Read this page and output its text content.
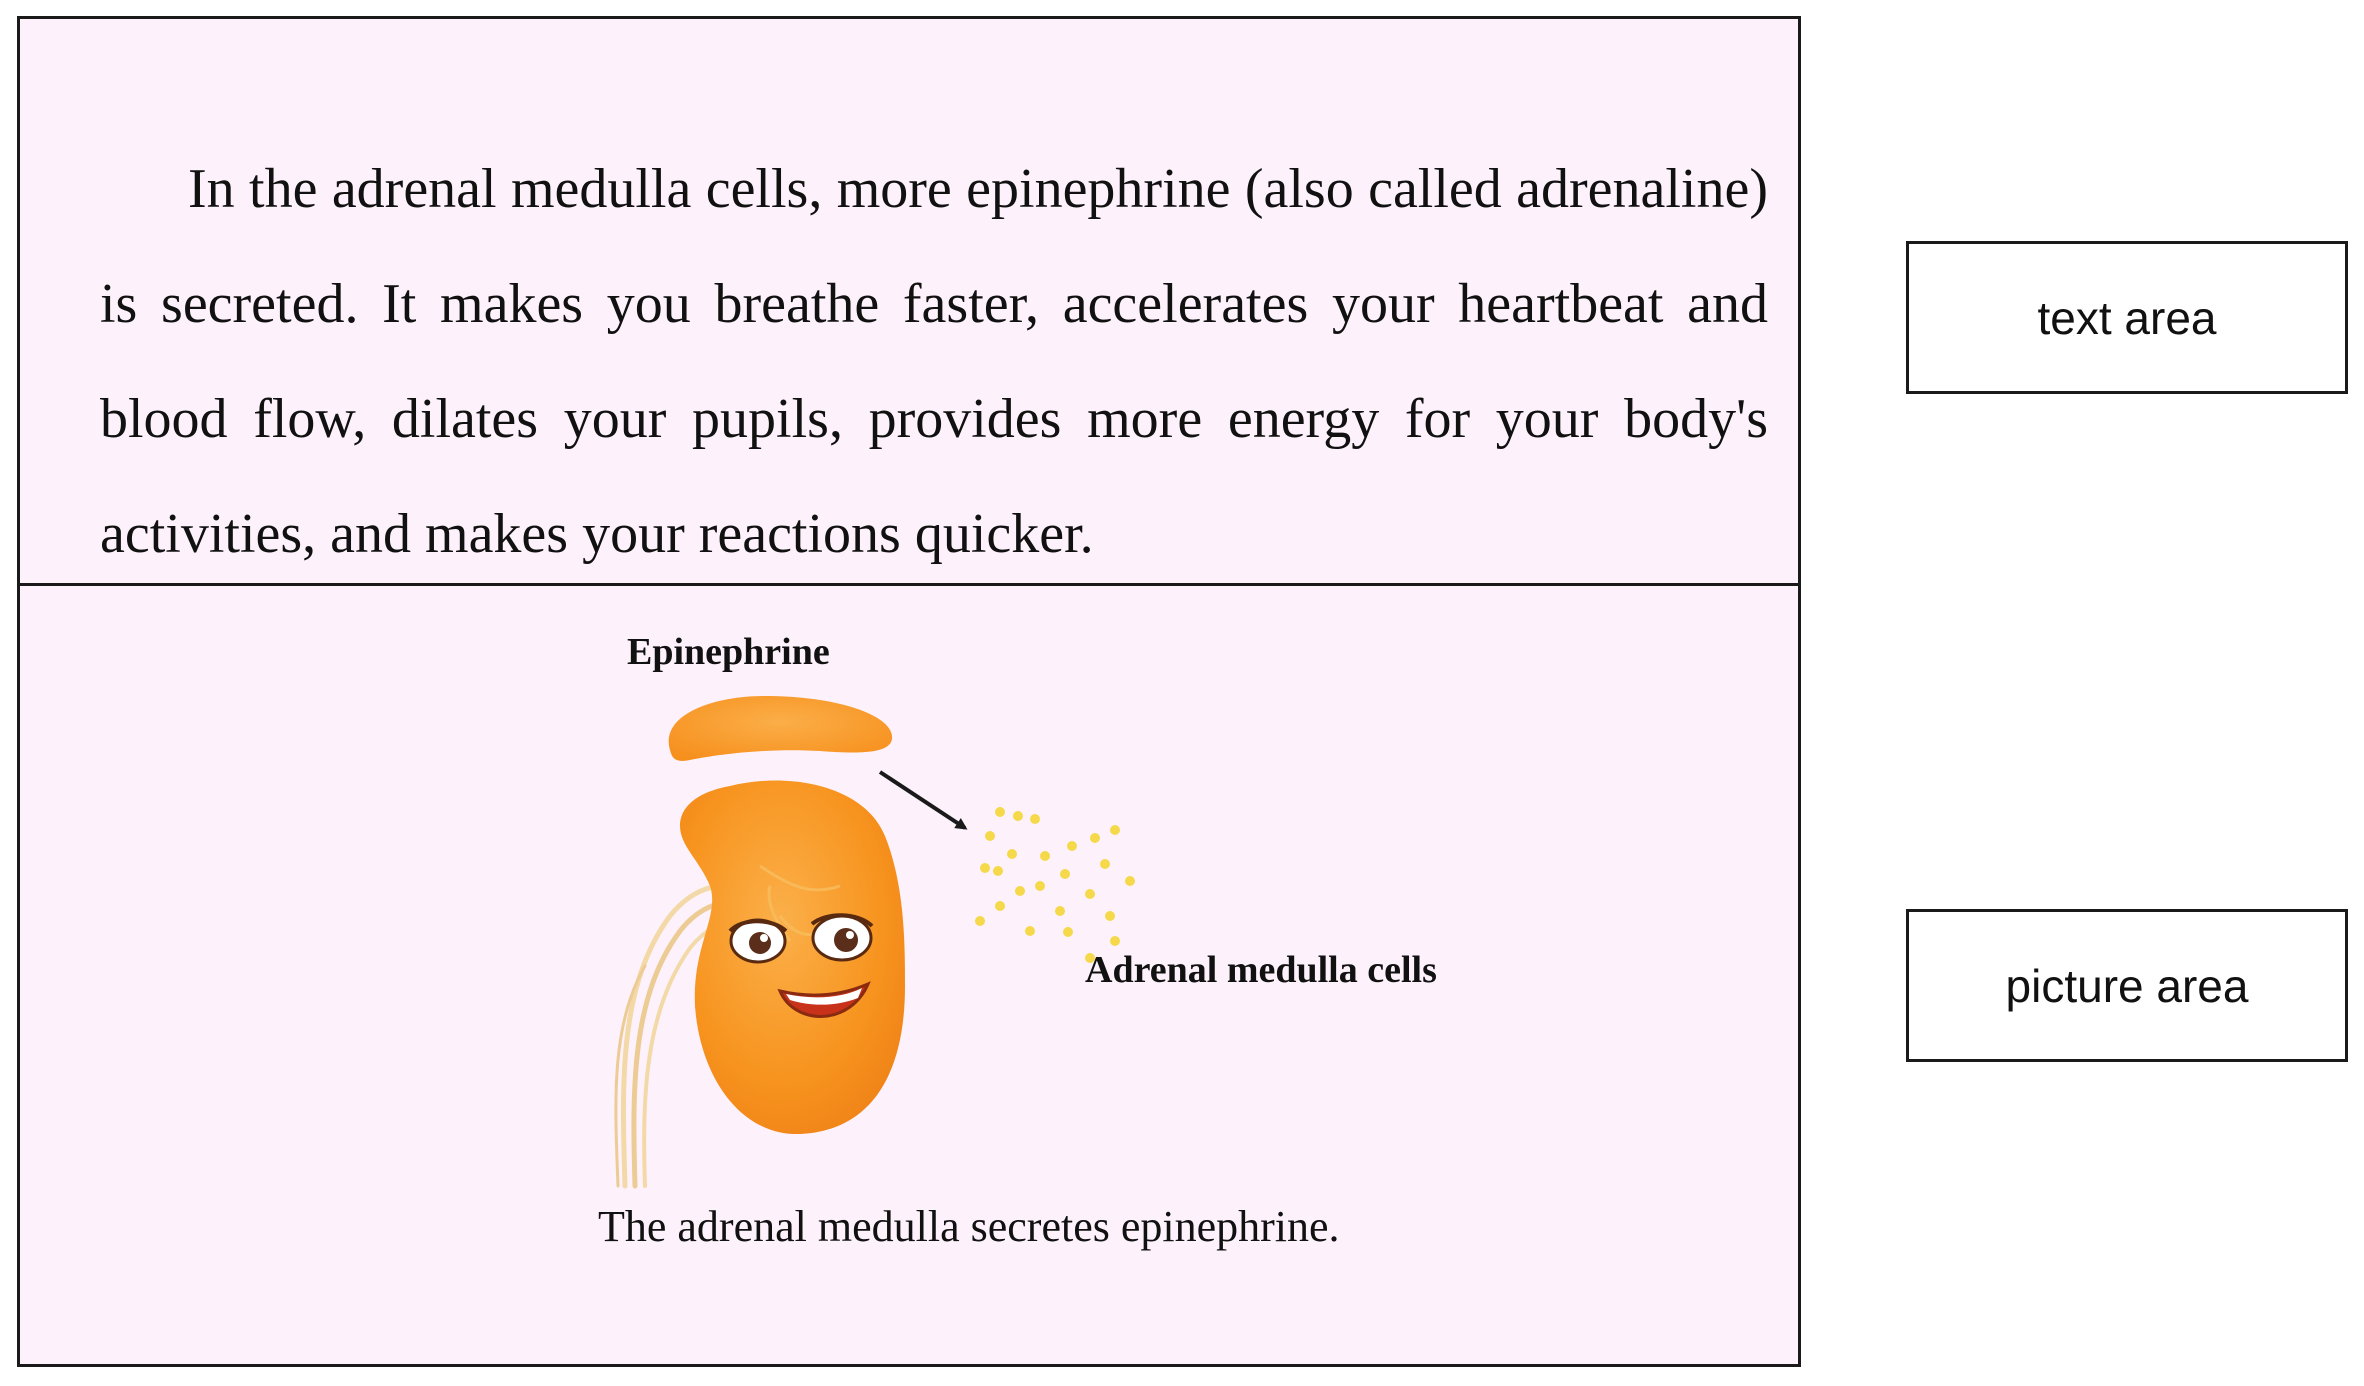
In the adrenal medulla cells, more epinephrine (also called adrenaline) is secreted. It makes you breathe faster, accelerates your heartbeat and blood flow, dilates your pupils, provides more energy for your body's activities, and makes your reactions quicker.

Epinephrine
Adrenal medulla cells
The adrenal medulla secretes epinephrine.
text area
picture area
